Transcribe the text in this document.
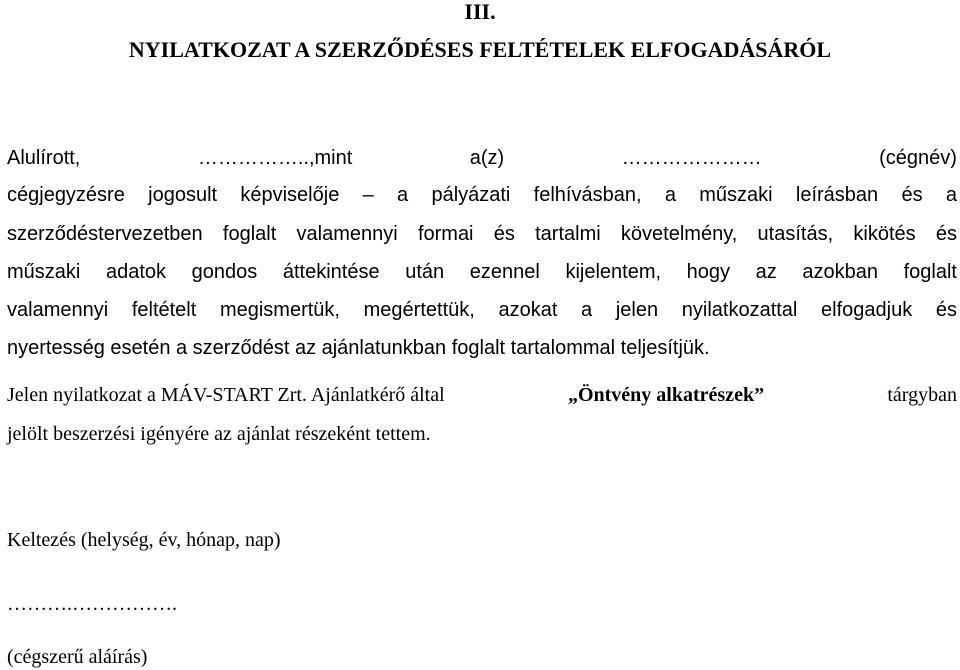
III.
NYILATKOZAT A SZERZŐDÉSES FELTÉTELEK ELFOGADÁSÁRÓL
Alulírott,	……………..,mint	a(z)	…………………	(cégnév)
cégjegyzésre jogosult képviselője – a pályázati felhívásban, a műszaki leírásban és a
szerződéstervezetben foglalt valamennyi formai és tartalmi követelmény, utasítás, kikötés és
műszaki adatok gondos áttekintése után ezennel kijelentem, hogy az azokban foglalt
valamennyi feltételt megismertük, megértettük, azokat a jelen nyilatkozattal elfogadjuk és
nyertesség esetén a szerződést az ajánlatunkban foglalt tartalommal teljesítjük.
Jelen nyilatkozat a MÁV-START Zrt. Ajánlatkérő által	„Öntvény alkatrészek”	tárgyban
jelölt beszerzési igényére az ajánlat részeként tettem.
Keltezés (helység, év, hónap, nap)
……….…………….
(cégszerű aláírás)
